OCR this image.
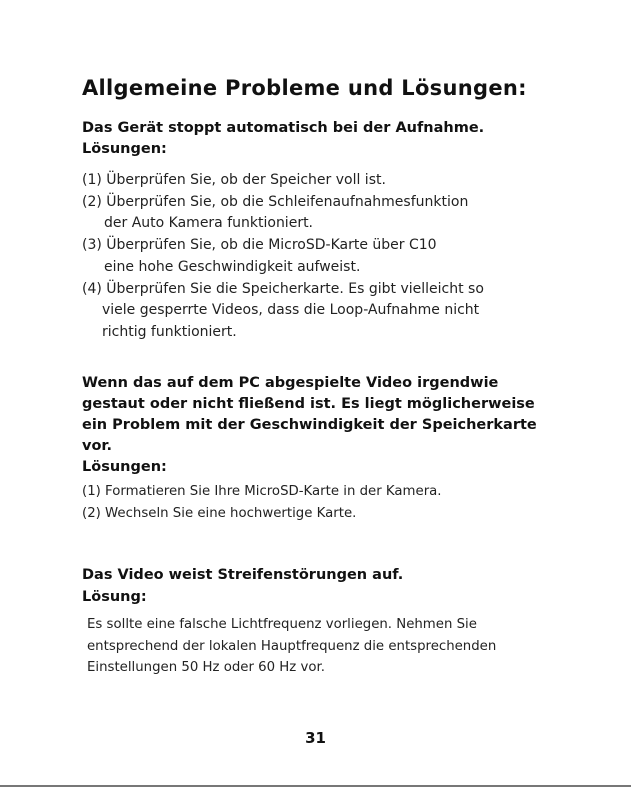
Allgemeine Probleme und Lösungen:

Das Gerät stoppt automatisch bei der Aufnahme.

Lösungen:

(1) Überprüfen Sie, ob der Speicher voll ist.

(2) Überprüfen Sie, ob die Schleifenaufnahmesfunktion

der Auto Kamera funktioniert.

(3) Überprüfen Sie, ob die MicroSD-Karte über C10

eine hohe Geschwindigkeit aufweist.

(4) Überprüfen Sie die Speicherkarte. Es gibt vielleicht so

viele gesperrte Videos, dass die Loop-Aufnahme nicht

richtig funktioniert.

Wenn das auf dem PC abgespielte Video irgendwie

gestaut oder nicht fließend ist. Es liegt möglicherweise

ein Problem mit der Geschwindigkeit der Speicherkarte

vor.

Lösungen:

(1) Formatieren Sie Ihre MicroSD-Karte in der Kamera.

(2) Wechseln Sie eine hochwertige Karte.

Das Video weist Streifenstörungen auf.

Lösung:

Es sollte eine falsche Lichtfrequenz vorliegen. Nehmen Sie

entsprechend der lokalen Hauptfrequenz die entsprechenden

Einstellungen 50 Hz oder 60 Hz vor.

31
